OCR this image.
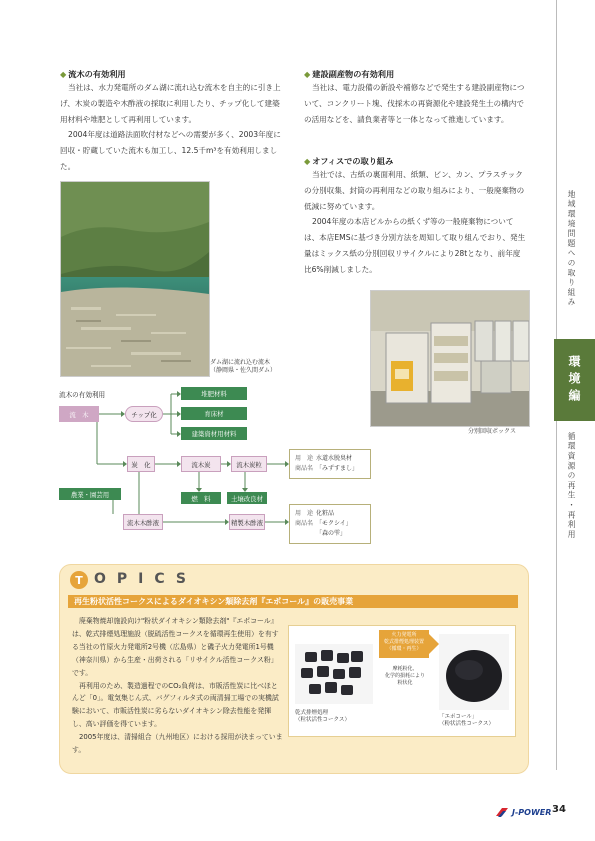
◆ 流木の有効利用

当社は、水力発電所のダム湖に流れ込む流木を自主的に引き上げ、木炭の製造や木酢液の採取に利用したり、チップ化して建築用材料や堆肥として再利用しています。

2004年度は道路法面吹付材などへの需要が多く、2003年度に回収・貯蔵していた流木も加工し、12.5千m³を有効利用しました。

ダム湖に流れ込む流木
（静岡県・佐久間ダム）
◆ 建設副産物の有効利用

当社は、電力設備の新設や補修などで発生する建設副産物について、コンクリート塊、伐採木の再資源化や建設発生土の構内での活用などを、請負業者等と一体となって推進しています。

◆ オフィスでの取り組み

当社では、古紙の裏面利用、紙類、ビン、カン、プラスチックの分別収集、封筒の再利用などの取り組みにより、一般廃棄物の低減に努めています。

2004年度の本店ビルからの紙くず等の一般廃棄物については、本店EMSに基づき分別方法を周知して取り組んでおり、発生量はミックス紙の分別回収リサイクルにより28tとなり、前年度比6%削減しました。

分別回収ボックス
流木の有効利用
流　木	チップ化
堆肥材料
育床材
建築資材用材料
炭　化	流木炭	流木炭粒
燃　料	土壌改良材
用　途 水道水脱臭材
商品名 「みずすまし」
農業・園芸用
流木木酢液	精製木酢液
用　途 化粧品
商品名 「モクシイ」
「森の雫」
地域環境問題への取り組み
環境編
循環資源の再生・再利用
T OPICS
再生粉状活性コークスによるダイオキシン類除去剤『エポコール』の販売事業

廃棄物焼却施設向け"粉状ダイオキシン類除去剤"『エポコール』は、乾式排煙処理施設（脱硫活性コークスを循環再生使用）を有する当社の竹原火力発電所2号機（広島県）と磯子火力発電所1号機（神奈川県）から生産・出荷される「リサイクル活性コークス粉」です。

再利用のため、製造過程でのCO₂負荷は、市販活性炭に比べほとんど「0」。電気集じん式、バグフィルタ式の両清掃工場での実機試験において、市販活性炭に劣らないダイオキシン除去性能を発揮し、高い評価を得ています。

2005年度は、清掃組合（九州地区）における採用が決まっています。

火力発電所
乾式排煙処理装置
（循環・再生）
摩耗粉化、
化学的損耗により
粉状化
乾式排煙処理
（粒状活性コークス）	「エポコール」
（粉状活性コークス）
J-POWER 34
